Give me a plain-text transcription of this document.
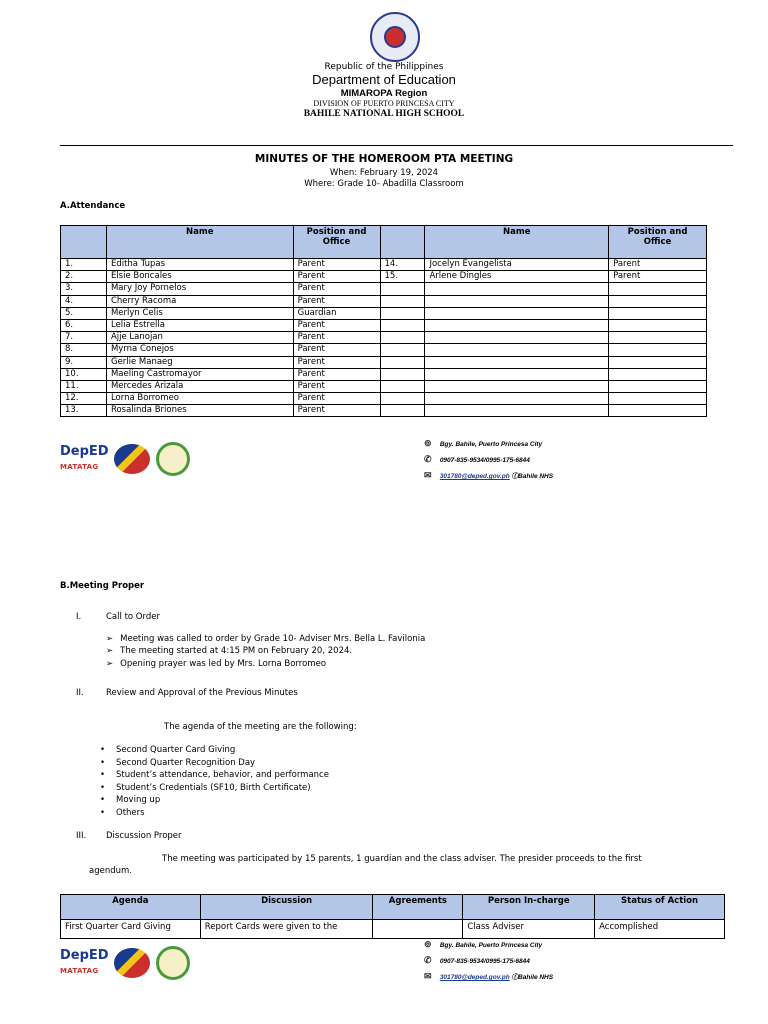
Republic of the Philippines
Department of Education
MIMAROPA Region
DIVISION OF PUERTO PRINCESA CITY
BAHILE NATIONAL HIGH SCHOOL
MINUTES OF THE HOMEROOM PTA MEETING
When: February 19, 2024
Where: Grade 10- Abadilla Classroom
A.Attendance
	Name	Position and Office		Name	Position and Office
1.	Editha Tupas	Parent	14.	Jocelyn Evangelista	Parent
2.	Elsie Boncales	Parent	15.	Arlene Dingles	Parent
3.	Mary Joy Pornelos	Parent			
4.	Cherry Racoma	Parent			
5.	Merlyn Celis	Guardian			
6.	Lelia Estrella	Parent			
7.	Ajje Lanojan	Parent			
8.	Myrna Conejos	Parent			
9.	Gerlie Manaeg	Parent			
10.	Maeling Castromayor	Parent			
11.	Mercedes Arizala	Parent			
12.	Lorna Borromeo	Parent			
13.	Rosalinda Briones	Parent			
DepED
MATATAG
⊚ Bgy. Bahile, Puerto Princesa City
✆ 0907-835-9534/0995-175-6844
✉ 301780@deped.gov.ph ⓕBahile NHS
B.Meeting Proper
I.	Call to Order
➢ Meeting was called to order by Grade 10- Adviser Mrs. Bella L. Favilonia
➢ The meeting started at 4:15 PM on February 20, 2024.
➢ Opening prayer was led by Mrs. Lorna Borromeo
II.	Review and Approval of the Previous Minutes
The agenda of the meeting are the following:
• Second Quarter Card Giving
• Second Quarter Recognition Day
• Student’s attendance, behavior, and performance
• Student’s Credentials (SF10, Birth Certificate)
• Moving up
• Others
III. Discussion Proper
The meeting was participated by 15 parents, 1 guardian and the class adviser. The presider proceeds to the first
agendum.
Agenda	Discussion	Agreements	Person In-charge	Status of Action
First Quarter Card Giving	Report Cards were given to the		Class Adviser	Accomplished
DepED
MATATAG
⊚ Bgy. Bahile, Puerto Princesa City
✆ 0907-835-9534/0995-175-6844
✉ 301780@deped.gov.ph ⓕBahile NHS
